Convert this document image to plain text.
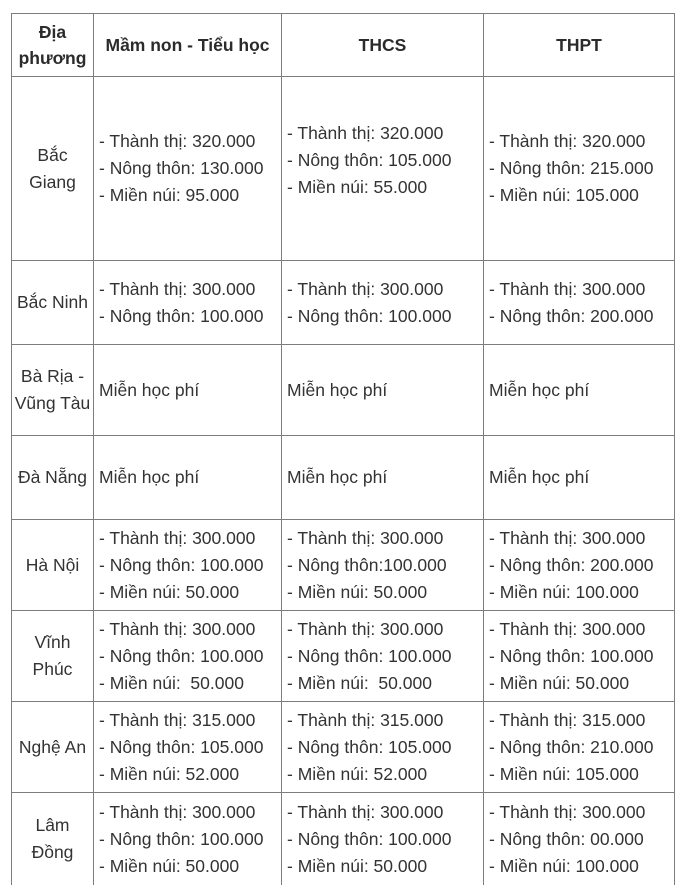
Địa phương	Mầm non - Tiểu học	THCS	THPT
Bắc Giang	- Thành thị: 320.000
- Nông thôn: 130.000
- Miền núi: 95.000	- Thành thị: 320.000
- Nông thôn: 105.000
- Miền núi: 55.000	- Thành thị: 320.000
- Nông thôn: 215.000
- Miền núi: 105.000

Bắc Ninh	- Thành thị: 300.000
- Nông thôn: 100.000	- Thành thị: 300.000
- Nông thôn: 100.000	- Thành thị: 300.000
- Nông thôn: 200.000

Bà Rịa - Vũng Tàu	Miễn học phí	Miễn học phí	Miễn học phí

Đà Nẵng	Miễn học phí	Miễn học phí	Miễn học phí

Hà Nội	- Thành thị: 300.000
- Nông thôn: 100.000
- Miền núi: 50.000	- Thành thị: 300.000
- Nông thôn:100.000
- Miền núi: 50.000	- Thành thị: 300.000
- Nông thôn: 200.000
- Miền núi: 100.000

Vĩnh Phúc	- Thành thị: 300.000
- Nông thôn: 100.000
- Miền núi:  50.000	- Thành thị: 300.000
- Nông thôn: 100.000
- Miền núi:  50.000	- Thành thị: 300.000
- Nông thôn: 100.000
- Miền núi: 50.000

Nghệ An	- Thành thị: 315.000
- Nông thôn: 105.000
- Miền núi: 52.000	- Thành thị: 315.000
- Nông thôn: 105.000
- Miền núi: 52.000	- Thành thị: 315.000
- Nông thôn: 210.000
- Miền núi: 105.000

Lâm Đồng	- Thành thị: 300.000
- Nông thôn: 100.000
- Miền núi: 50.000	- Thành thị: 300.000
- Nông thôn: 100.000
- Miền núi: 50.000	- Thành thị: 300.000
- Nông thôn: 00.000
- Miền núi: 100.000
